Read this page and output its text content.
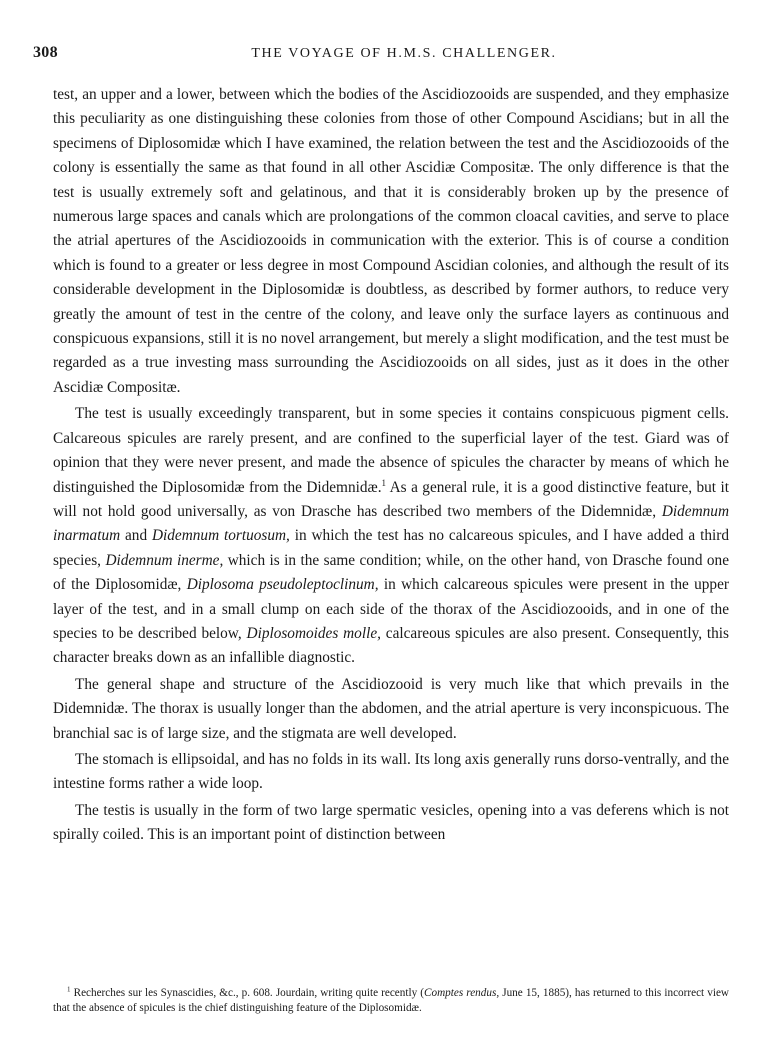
308	THE VOYAGE OF H.M.S. CHALLENGER.

test, an upper and a lower, between which the bodies of the Ascidiozooids are suspended, and they emphasize this peculiarity as one distinguishing these colonies from those of other Compound Ascidians; but in all the specimens of Diplosomidæ which I have examined, the relation between the test and the Ascidiozooids of the colony is essentially the same as that found in all other Ascidiæ Compositæ. The only difference is that the test is usually extremely soft and gelatinous, and that it is considerably broken up by the presence of numerous large spaces and canals which are prolongations of the common cloacal cavities, and serve to place the atrial apertures of the Ascidiozooids in communication with the exterior. This is of course a condition which is found to a greater or less degree in most Compound Ascidian colonies, and although the result of its considerable development in the Diplosomidæ is doubtless, as described by former authors, to reduce very greatly the amount of test in the centre of the colony, and leave only the surface layers as continuous and conspicuous expansions, still it is no novel arrangement, but merely a slight modification, and the test must be regarded as a true investing mass surrounding the Ascidiozooids on all sides, just as it does in the other Ascidiæ Compositæ.

The test is usually exceedingly transparent, but in some species it contains conspicuous pigment cells. Calcareous spicules are rarely present, and are confined to the superficial layer of the test. Giard was of opinion that they were never present, and made the absence of spicules the character by means of which he distinguished the Diplosomidæ from the Didemnidæ.$^1$ As a general rule, it is a good distinctive feature, but it will not hold good universally, as von Drasche has described two members of the Didemnidæ, Didemnum inarmatum and Didemnum tortuosum, in which the test has no calcareous spicules, and I have added a third species, Didemnum inerme, which is in the same condition; while, on the other hand, von Drasche found one of the Diplosomidæ, Diplosoma pseudoleptoclinum, in which calcareous spicules were present in the upper layer of the test, and in a small clump on each side of the thorax of the Ascidiozooids, and in one of the species to be described below, Diplosomoides molle, calcareous spicules are also present. Consequently, this character breaks down as an infallible diagnostic.

The general shape and structure of the Ascidiozooid is very much like that which prevails in the Didemnidæ. The thorax is usually longer than the abdomen, and the atrial aperture is very inconspicuous. The branchial sac is of large size, and the stigmata are well developed.

The stomach is ellipsoidal, and has no folds in its wall. Its long axis generally runs dorso-ventrally, and the intestine forms rather a wide loop.

The testis is usually in the form of two large spermatic vesicles, opening into a vas deferens which is not spirally coiled. This is an important point of distinction between

$^1$ Recherches sur les Synascidies, &c., p. 608. Jourdain, writing quite recently (Comptes rendus, June 15, 1885), has returned to this incorrect view that the absence of spicules is the chief distinguishing feature of the Diplosomidæ.
